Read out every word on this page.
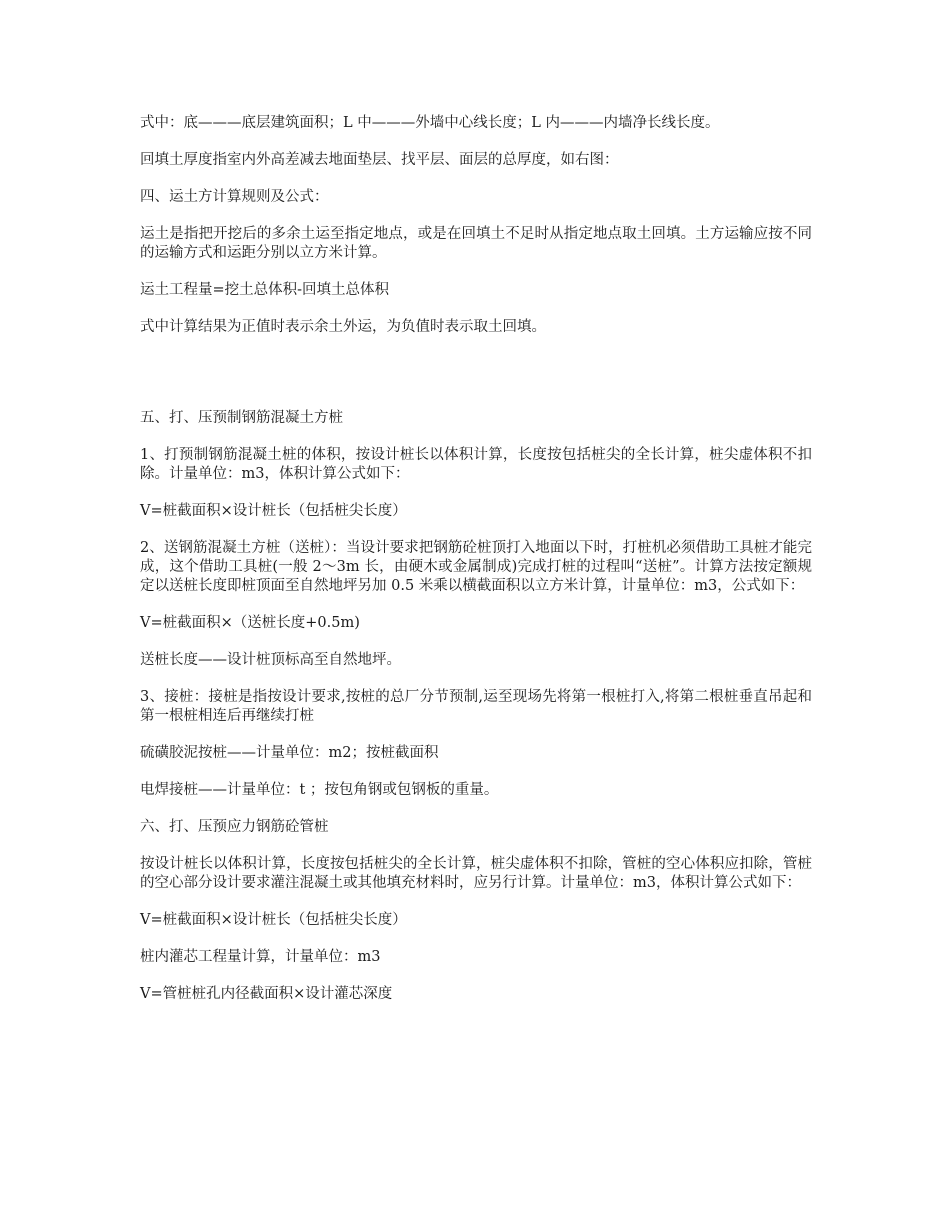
式中：底———底层建筑面积；L 中———外墙中心线长度；L 内———内墙净长线长度。

回填土厚度指室内外高差减去地面垫层、找平层、面层的总厚度，如右图：

四、运土方计算规则及公式：

运土是指把开挖后的多余土运至指定地点，或是在回填土不足时从指定地点取土回填。土方运输应按不同的运输方式和运距分别以立方米计算。

运土工程量=挖土总体积-回填土总体积

式中计算结果为正值时表示余土外运，为负值时表示取土回填。

五、打、压预制钢筋混凝土方桩

1、打预制钢筋混凝土桩的体积，按设计桩长以体积计算，长度按包括桩尖的全长计算，桩尖虚体积不扣除。计量单位：m3，体积计算公式如下：

V=桩截面积×设计桩长（包括桩尖长度）

2、送钢筋混凝土方桩（送桩）：当设计要求把钢筋砼桩顶打入地面以下时，打桩机必须借助工具桩才能完成，这个借助工具桩(一般 2～3m 长，由硬木或金属制成)完成打桩的过程叫“送桩”。计算方法按定额规定以送桩长度即桩顶面至自然地坪另加 0.5 米乘以横截面积以立方米计算，计量单位：m3，公式如下：

V=桩截面积×（送桩长度+0.5m)

送桩长度——设计桩顶标高至自然地坪。

3、接桩：接桩是指按设计要求,按桩的总厂分节预制,运至现场先将第一根桩打入,将第二根桩垂直吊起和第一根桩相连后再继续打桩

硫磺胶泥按桩——计量单位：m2；按桩截面积

电焊接桩——计量单位：t ；按包角钢或包钢板的重量。

六、打、压预应力钢筋砼管桩

按设计桩长以体积计算，长度按包括桩尖的全长计算，桩尖虚体积不扣除，管桩的空心体积应扣除，管桩的空心部分设计要求灌注混凝土或其他填充材料时，应另行计算。计量单位：m3，体积计算公式如下：

V=桩截面积×设计桩长（包括桩尖长度）

桩内灌芯工程量计算，计量单位：m3

V=管桩桩孔内径截面积×设计灌芯深度
